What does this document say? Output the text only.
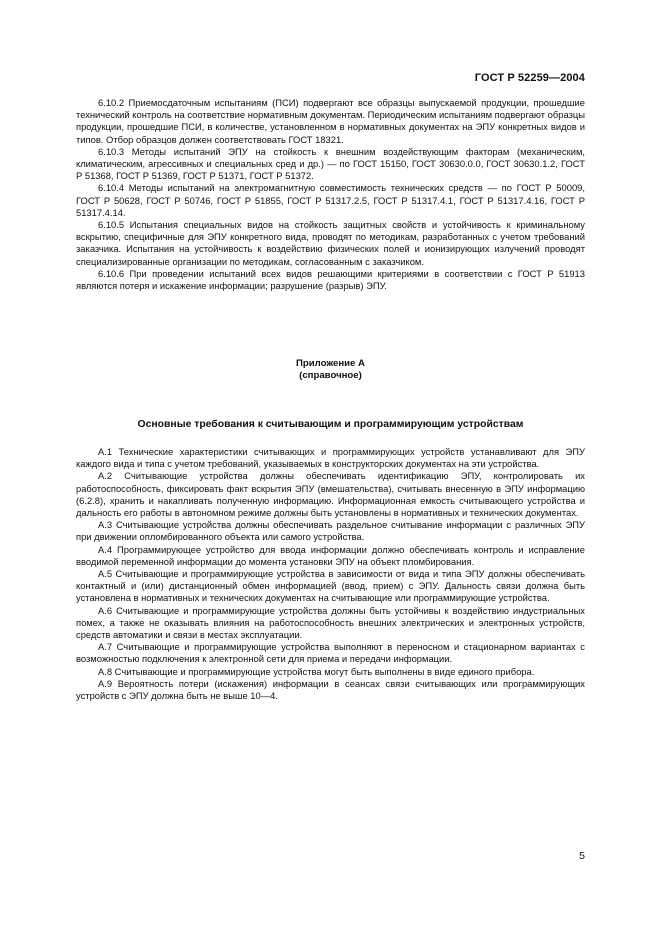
ГОСТ Р 52259—2004

6.10.2 Приемосдаточным испытаниям (ПСИ) подвергают все образцы выпускаемой продукции, прошедшие технический контроль на соответствие нормативным документам. Периодическим испытаниям подвергают образцы продукции, прошедшие ПСИ, в количестве, установленном в нормативных документах на ЭПУ конкретных видов и типов. Отбор образцов должен соответствовать ГОСТ 18321.

6.10.3 Методы испытаний ЭПУ на стойкость к внешним воздействующим факторам (механическим, климатическим, агрессивных и специальных сред и др.) — по ГОСТ 15150, ГОСТ 30630.0.0, ГОСТ 30630.1.2, ГОСТ Р 51368, ГОСТ Р 51369, ГОСТ Р 51371, ГОСТ Р 51372.

6.10.4 Методы испытаний на электромагнитную совместимость технических средств — по ГОСТ Р 50009, ГОСТ Р 50628, ГОСТ Р 50746, ГОСТ Р 51855, ГОСТ Р 51317.2.5, ГОСТ Р 51317.4.1, ГОСТ Р 51317.4.16, ГОСТ Р 51317.4.14.

6.10.5 Испытания специальных видов на стойкость защитных свойств и устойчивость к криминальному вскрытию, специфичные для ЭПУ конкретного вида, проводят по методикам, разработанных с учетом требований заказчика. Испытания на устойчивость к воздействию физических полей и ионизирующих излучений проводят специализированные организации по методикам, согласованным с заказчиком.

6.10.6 При проведении испытаний всех видов решающими критериями в соответствии с ГОСТ Р 51913 являются потеря и искажение информации; разрушение (разрыв) ЭПУ.

Приложение А
(справочное)
Основные требования к считывающим и программирующим устройствам

А.1 Технические характеристики считывающих и программирующих устройств устанавливают для ЭПУ каждого вида и типа с учетом требований, указываемых в конструкторских документах на эти устройства.

А.2 Считывающие устройства должны обеспечивать идентификацию ЭПУ, контролировать их работоспособность, фиксировать факт вскрытия ЭПУ (вмешательства), считывать внесенную в ЭПУ информацию (6.2.8), хранить и накапливать полученную информацию. Информационная емкость считывающего устройства и дальность его работы в автономном режиме должны быть установлены в нормативных и технических документах.

А.3 Считывающие устройства должны обеспечивать раздельное считывание информации с различных ЭПУ при движении опломбированного объекта или самого устройства.

А.4 Программирующее устройство для ввода информации должно обеспечивать контроль и исправление вводимой переменной информации до момента установки ЭПУ на объект пломбирования.

А.5 Считывающие и программирующие устройства в зависимости от вида и типа ЭПУ должны обеспечивать контактный и (или) дистанционный обмен информацией (ввод, прием) с ЭПУ. Дальность связи должна быть установлена в нормативных и технических документах на считывающие или программирующие устройства.

А.6 Считывающие и программирующие устройства должны быть устойчивы к воздействию индустриальных помех, а также не оказывать влияния на работоспособность внешних электрических и электронных устройств, средств автоматики и связи в местах эксплуатации.

А.7 Считывающие и программирующие устройства выполняют в переносном и стационарном вариантах с возможностью подключения к электронной сети для приема и передачи информации.

А.8 Считывающие и программирующие устройства могут быть выполнены в виде единого прибора.

А.9 Вероятность потери (искажения) информации в сеансах связи считывающих или программирующих устройств с ЭПУ должна быть не выше 10—4.

5
